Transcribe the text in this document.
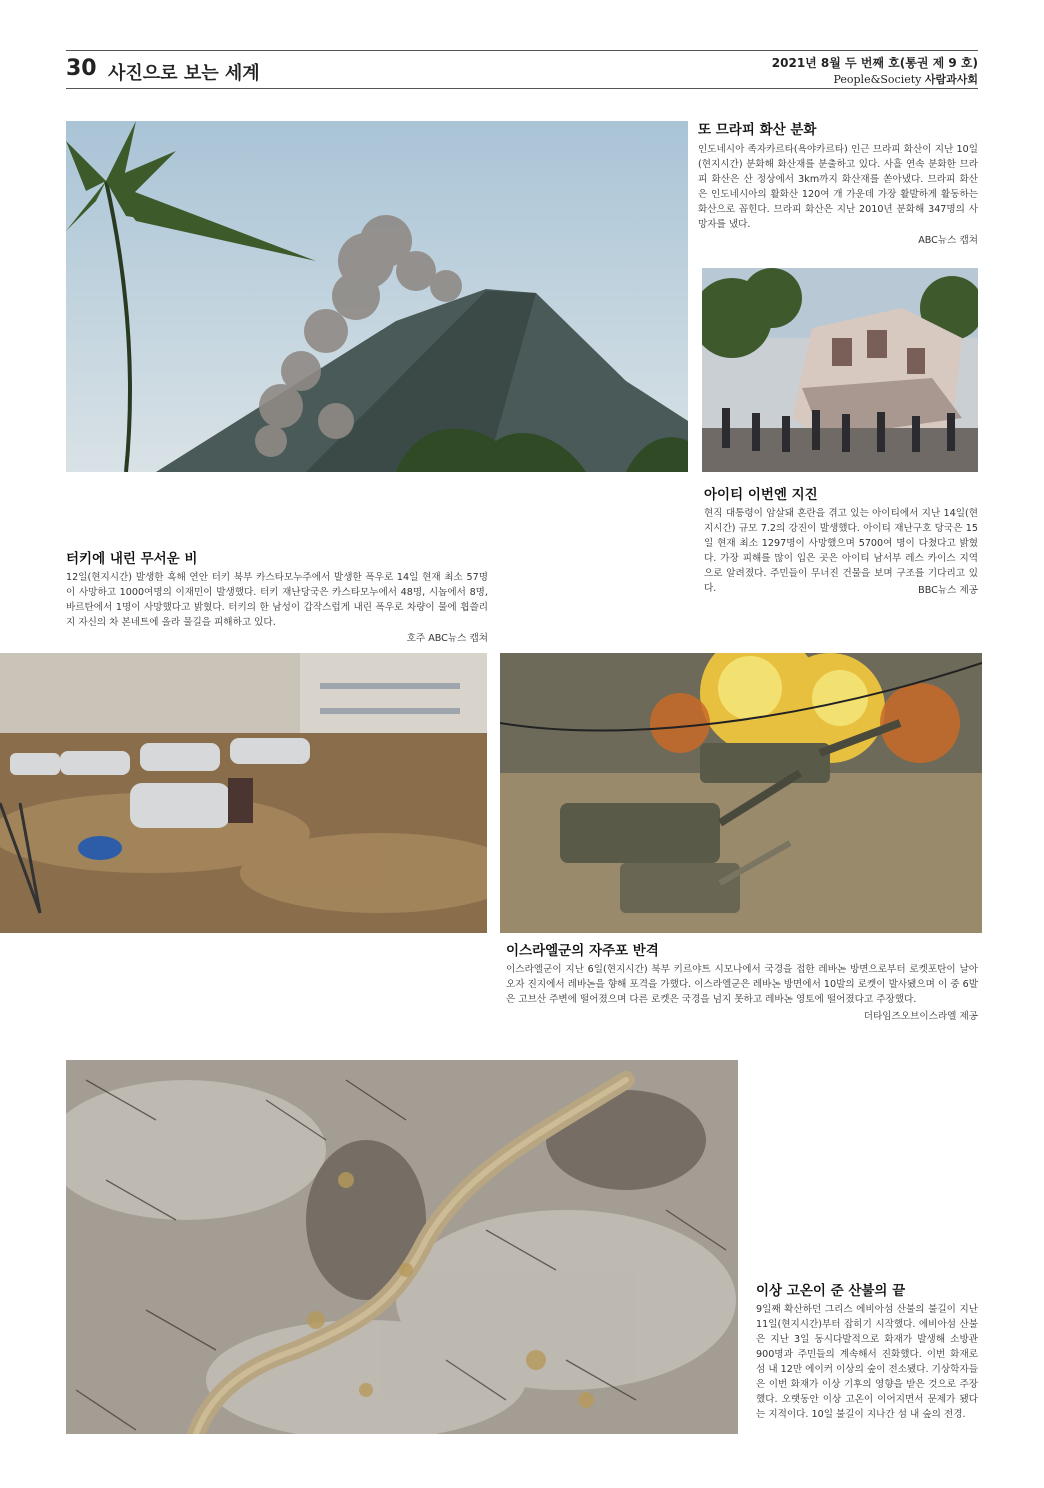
30 사진으로 보는 세계	2021년 8월 두 번째 호(통권 제 9 호)
People&Society 사람과사회
또 므라피 화산 분화
인도네시아 족자카르타(욕야카르타) 인근 므라피 화산이 지난 10일(현지시간) 분화해 화산재를 분출하고 있다. 사흘 연속 분화한 므라피 화산은 산 정상에서 3km까지 화산재를 쏟아냈다. 므라피 화산은 인도네시아의 활화산 120여 개 가운데 가장 활발하게 활동하는 화산으로 꼽힌다. 므라피 화산은 지난 2010년 분화해 347명의 사망자를 냈다.
ABC뉴스 캡쳐
아이티 이번엔 지진
현직 대통령이 암살돼 혼란을 겪고 있는 아이티에서 지난 14일(현지시간) 규모 7.2의 강진이 발생했다. 아이티 재난구호 당국은 15일 현재 최소 1297명이 사망했으며 5700여 명이 다쳤다고 밝혔다. 가장 피해를 많이 입은 곳은 아이티 남서부 레스 카이스 지역으로 알려졌다. 주민들이 무너진 건물을 보며 구조를 기다리고 있다.	BBC뉴스 제공
터키에 내린 무서운 비
12일(현지시간) 발생한 흑해 연안 터키 북부 카스타모누주에서 발생한 폭우로 14일 현재 최소 57명이 사망하고 1000여명의 이재민이 발생했다. 터키 재난당국은 카스타모누에서 48명, 시놉에서 8명, 바르탄에서 1명이 사망했다고 밝혔다. 터키의 한 남성이 갑작스럽게 내린 폭우로 차량이 물에 휩쓸리지 자신의 차 본네트에 올라 물길을 피해하고 있다.
호주 ABC뉴스 캡쳐
이스라엘군의 자주포 반격
이스라엘군이 지난 6일(현지시간) 북부 키르야트 시모나에서 국경을 접한 레바논 방면으로부터 로켓포탄이 날아오자 진지에서 레바논을 향해 포격을 가했다. 이스라엘군은 레바논 방면에서 10발의 로켓이 발사됐으며 이 중 6발은 고브산 주변에 떨어졌으며 다른 로켓은 국경을 넘지 못하고 레바논 영토에 떨어졌다고 주장했다.
더타임즈오브이스라엘 제공
이상 고온이 준 산불의 끝
9일째 확산하던 그리스 에비아섬 산불의 불길이 지난 11일(현지시간)부터 잡히기 시작했다. 에비아섬 산불은 지난 3일 동시다발적으로 화재가 발생해 소방관 900명과 주민들의 계속해서 진화했다. 이번 화재로 섬 내 12만 에이커 이상의 숲이 전소됐다. 기상학자들은 이번 화재가 이상 기후의 영향을 받은 것으로 주장했다. 오랫동안 이상 고온이 이어지면서 문제가 됐다는 지적이다. 10일 불길이 지나간 섬 내 숲의 전경.
